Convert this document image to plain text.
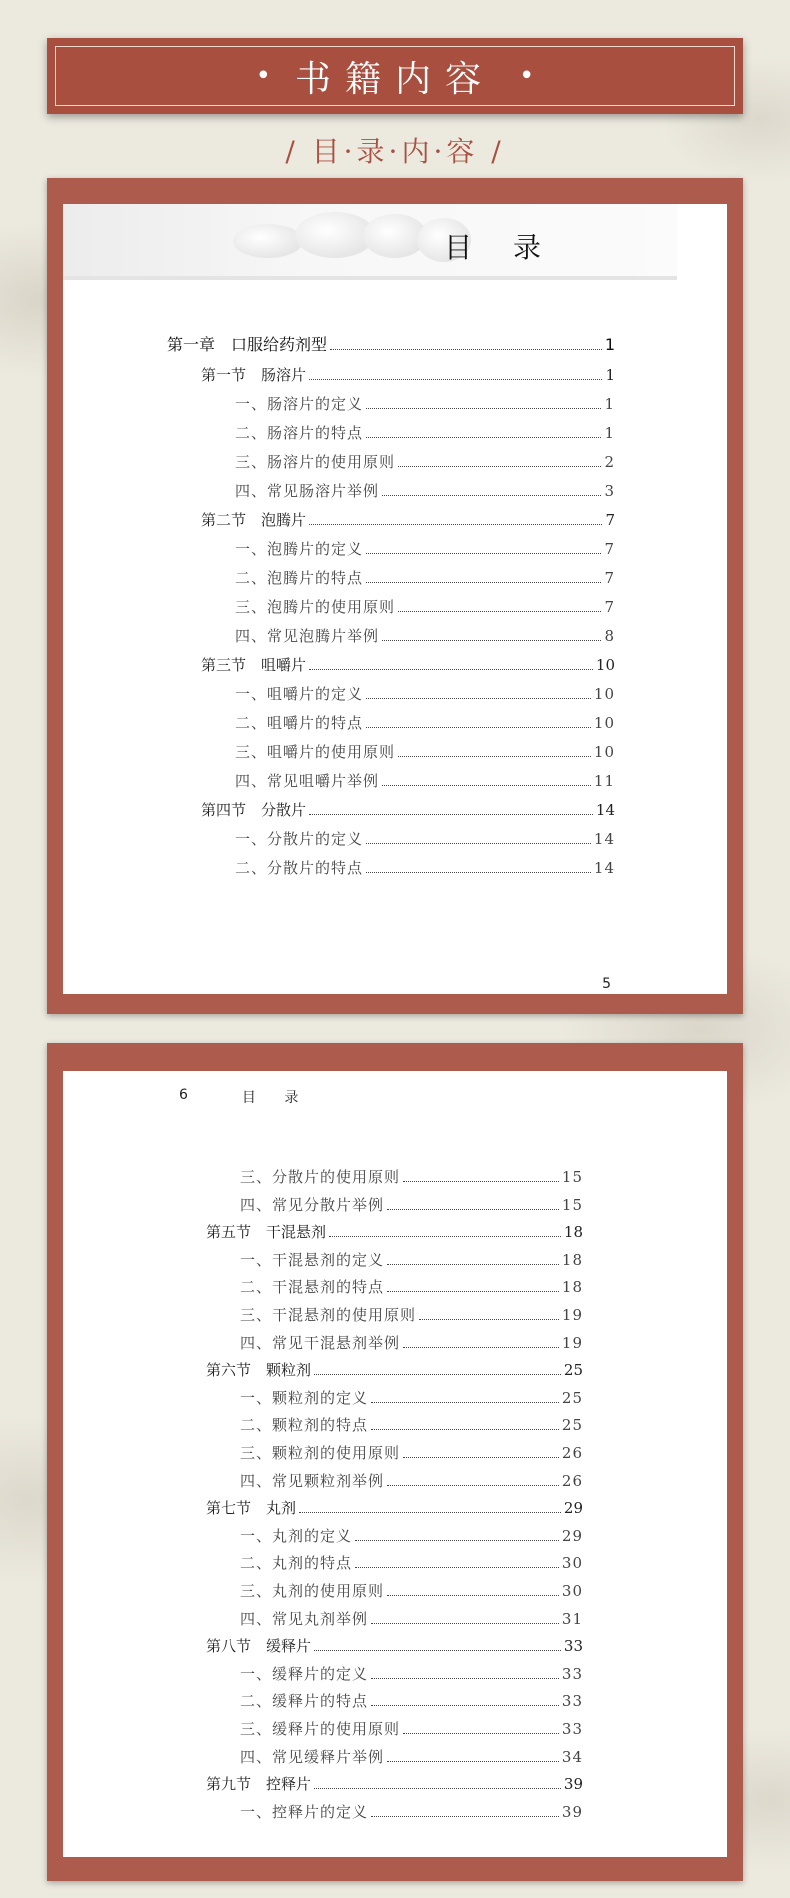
• 书籍内容 •
/ 目·录·内·容 /
目 录
第一章　口服给药剂型	1
第一节　肠溶片	1
一、肠溶片的定义	1
二、肠溶片的特点	1
三、肠溶片的使用原则	2
四、常见肠溶片举例	3
第二节　泡腾片	7
一、泡腾片的定义	7
二、泡腾片的特点	7
三、泡腾片的使用原则	7
四、常见泡腾片举例	8
第三节　咀嚼片	10
一、咀嚼片的定义	10
二、咀嚼片的特点	10
三、咀嚼片的使用原则	10
四、常见咀嚼片举例	11
第四节　分散片	14
一、分散片的定义	14
二、分散片的特点	14
5
6	目 录
三、分散片的使用原则	15
四、常见分散片举例	15
第五节　干混悬剂	18
一、干混悬剂的定义	18
二、干混悬剂的特点	18
三、干混悬剂的使用原则	19
四、常见干混悬剂举例	19
第六节　颗粒剂	25
一、颗粒剂的定义	25
二、颗粒剂的特点	25
三、颗粒剂的使用原则	26
四、常见颗粒剂举例	26
第七节　丸剂	29
一、丸剂的定义	29
二、丸剂的特点	30
三、丸剂的使用原则	30
四、常见丸剂举例	31
第八节　缓释片	33
一、缓释片的定义	33
二、缓释片的特点	33
三、缓释片的使用原则	33
四、常见缓释片举例	34
第九节　控释片	39
一、控释片的定义	39
